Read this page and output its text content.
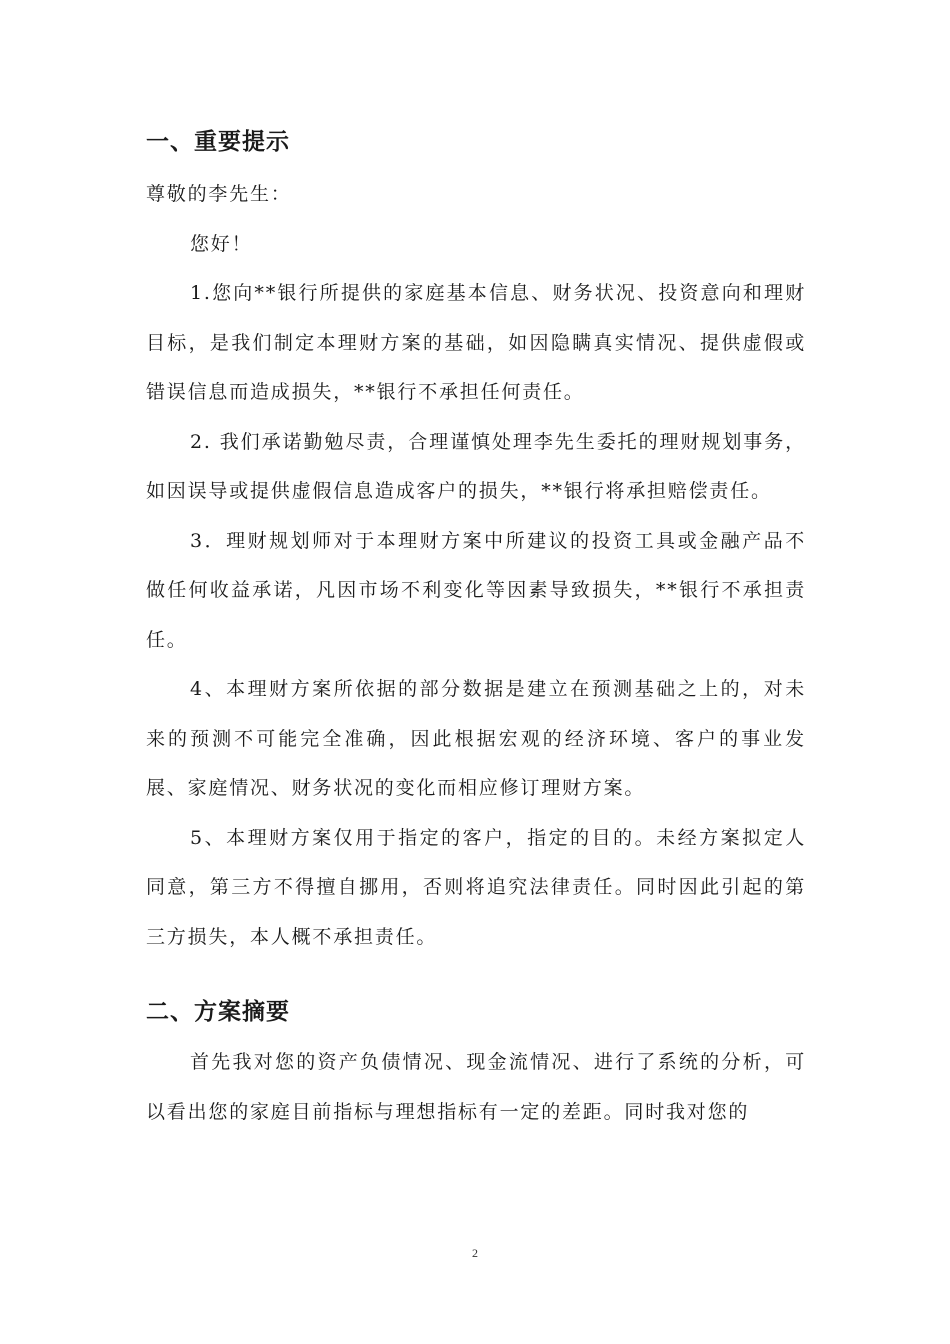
一、重要提示

尊敬的李先生：

您好！

1.您向**银行所提供的家庭基本信息、财务状况、投资意向和理财目标，是我们制定本理财方案的基础，如因隐瞒真实情况、提供虚假或错误信息而造成损失，**银行不承担任何责任。

2. 我们承诺勤勉尽责，合理谨慎处理李先生委托的理财规划事务，如因误导或提供虚假信息造成客户的损失，**银行将承担赔偿责任。

3．理财规划师对于本理财方案中所建议的投资工具或金融产品不做任何收益承诺，凡因市场不利变化等因素导致损失，**银行不承担责任。

4、本理财方案所依据的部分数据是建立在预测基础之上的，对未来的预测不可能完全准确，因此根据宏观的经济环境、客户的事业发展、家庭情况、财务状况的变化而相应修订理财方案。

5、本理财方案仅用于指定的客户，指定的目的。未经方案拟定人同意，第三方不得擅自挪用，否则将追究法律责任。同时因此引起的第三方损失，本人概不承担责任。

二、方案摘要

首先我对您的资产负债情况、现金流情况、进行了系统的分析，可以看出您的家庭目前指标与理想指标有一定的差距。同时我对您的

2
